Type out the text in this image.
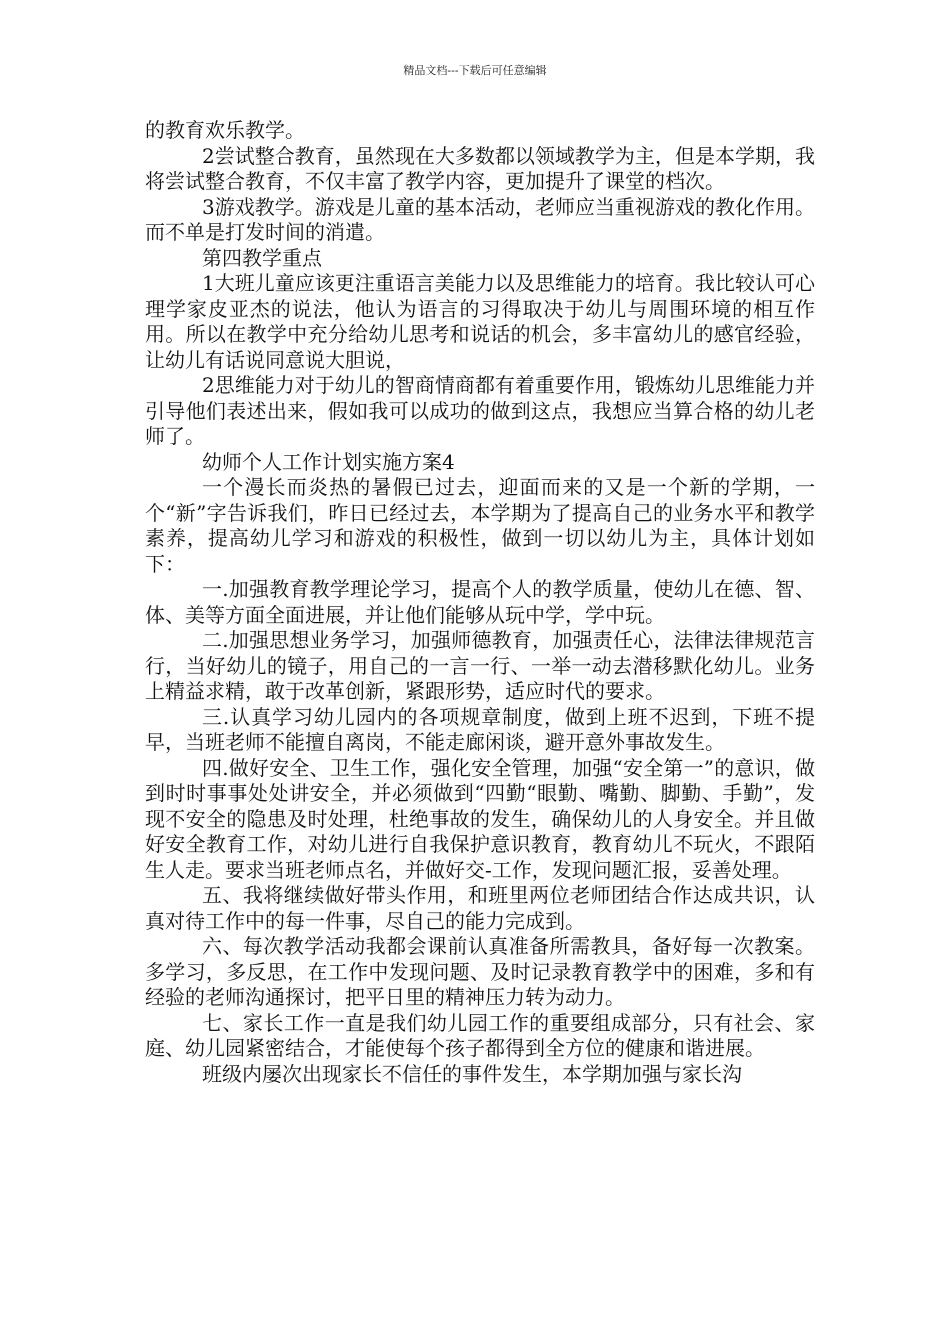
精品文档---下载后可任意编辑

的教育欢乐教学。

2尝试整合教育，虽然现在大多数都以领域教学为主，但是本学期，我将尝试整合教育，不仅丰富了教学内容，更加提升了课堂的档次。

3游戏教学。游戏是儿童的基本活动，老师应当重视游戏的教化作用。而不单是打发时间的消遣。

第四教学重点

1大班儿童应该更注重语言美能力以及思维能力的培育。我比较认可心理学家皮亚杰的说法，他认为语言的习得取决于幼儿与周围环境的相互作用。所以在教学中充分给幼儿思考和说话的机会，多丰富幼儿的感官经验，让幼儿有话说同意说大胆说，

2思维能力对于幼儿的智商情商都有着重要作用，锻炼幼儿思维能力并引导他们表述出来，假如我可以成功的做到这点，我想应当算合格的幼儿老师了。

幼师个人工作计划实施方案4

一个漫长而炎热的暑假已过去，迎面而来的又是一个新的学期，一个“新”字告诉我们，昨日已经过去，本学期为了提高自己的业务水平和教学素养，提高幼儿学习和游戏的积极性，做到一切以幼儿为主，具体计划如下：

一.加强教育教学理论学习，提高个人的教学质量，使幼儿在德、智、体、美等方面全面进展，并让他们能够从玩中学，学中玩。

二.加强思想业务学习，加强师德教育，加强责任心，法律法律规范言行，当好幼儿的镜子，用自己的一言一行、一举一动去潜移默化幼儿。业务上精益求精，敢于改革创新，紧跟形势，适应时代的要求。

三.认真学习幼儿园内的各项规章制度，做到上班不迟到，下班不提早，当班老师不能擅自离岗，不能走廊闲谈，避开意外事故发生。

四.做好安全、卫生工作，强化安全管理，加强“安全第一”的意识，做到时时事事处处讲安全，并必须做到“四勤“眼勤、嘴勤、脚勤、手勤”，发现不安全的隐患及时处理，杜绝事故的发生，确保幼儿的人身安全。并且做好安全教育工作，对幼儿进行自我保护意识教育，教育幼儿不玩火，不跟陌生人走。要求当班老师点名，并做好交-工作，发现问题汇报，妥善处理。

五、我将继续做好带头作用，和班里两位老师团结合作达成共识，认真对待工作中的每一件事，尽自己的能力完成到。

六、每次教学活动我都会课前认真准备所需教具，备好每一次教案。多学习，多反思，在工作中发现问题、及时记录教育教学中的困难，多和有经验的老师沟通探讨，把平日里的精神压力转为动力。

七、家长工作一直是我们幼儿园工作的重要组成部分，只有社会、家庭、幼儿园紧密结合，才能使每个孩子都得到全方位的健康和谐进展。

班级内屡次出现家长不信任的事件发生，本学期加强与家长沟
